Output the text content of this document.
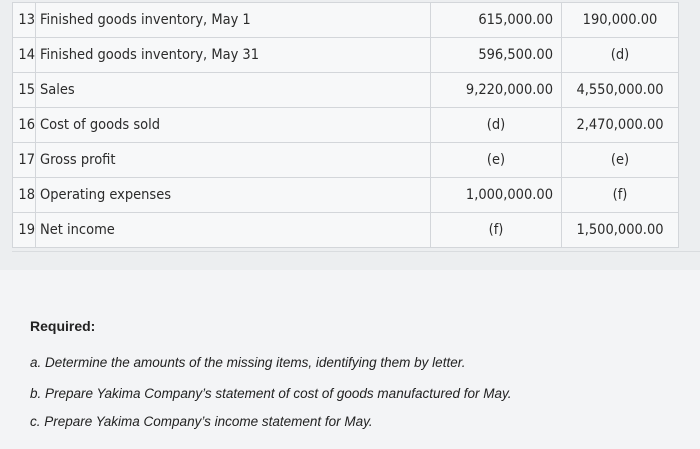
13	Finished goods inventory, May 1	615,000.00	190,000.00
14	Finished goods inventory, May 31	596,500.00	(d)
15	Sales	9,220,000.00	4,550,000.00
16	Cost of goods sold	(d)	2,470,000.00
17	Gross profit	(e)	(e)
18	Operating expenses	1,000,000.00	(f)
19	Net income	(f)	1,500,000.00
Required:
a. Determine the amounts of the missing items, identifying them by letter.
b. Prepare Yakima Company’s statement of cost of goods manufactured for May.
c. Prepare Yakima Company’s income statement for May.
